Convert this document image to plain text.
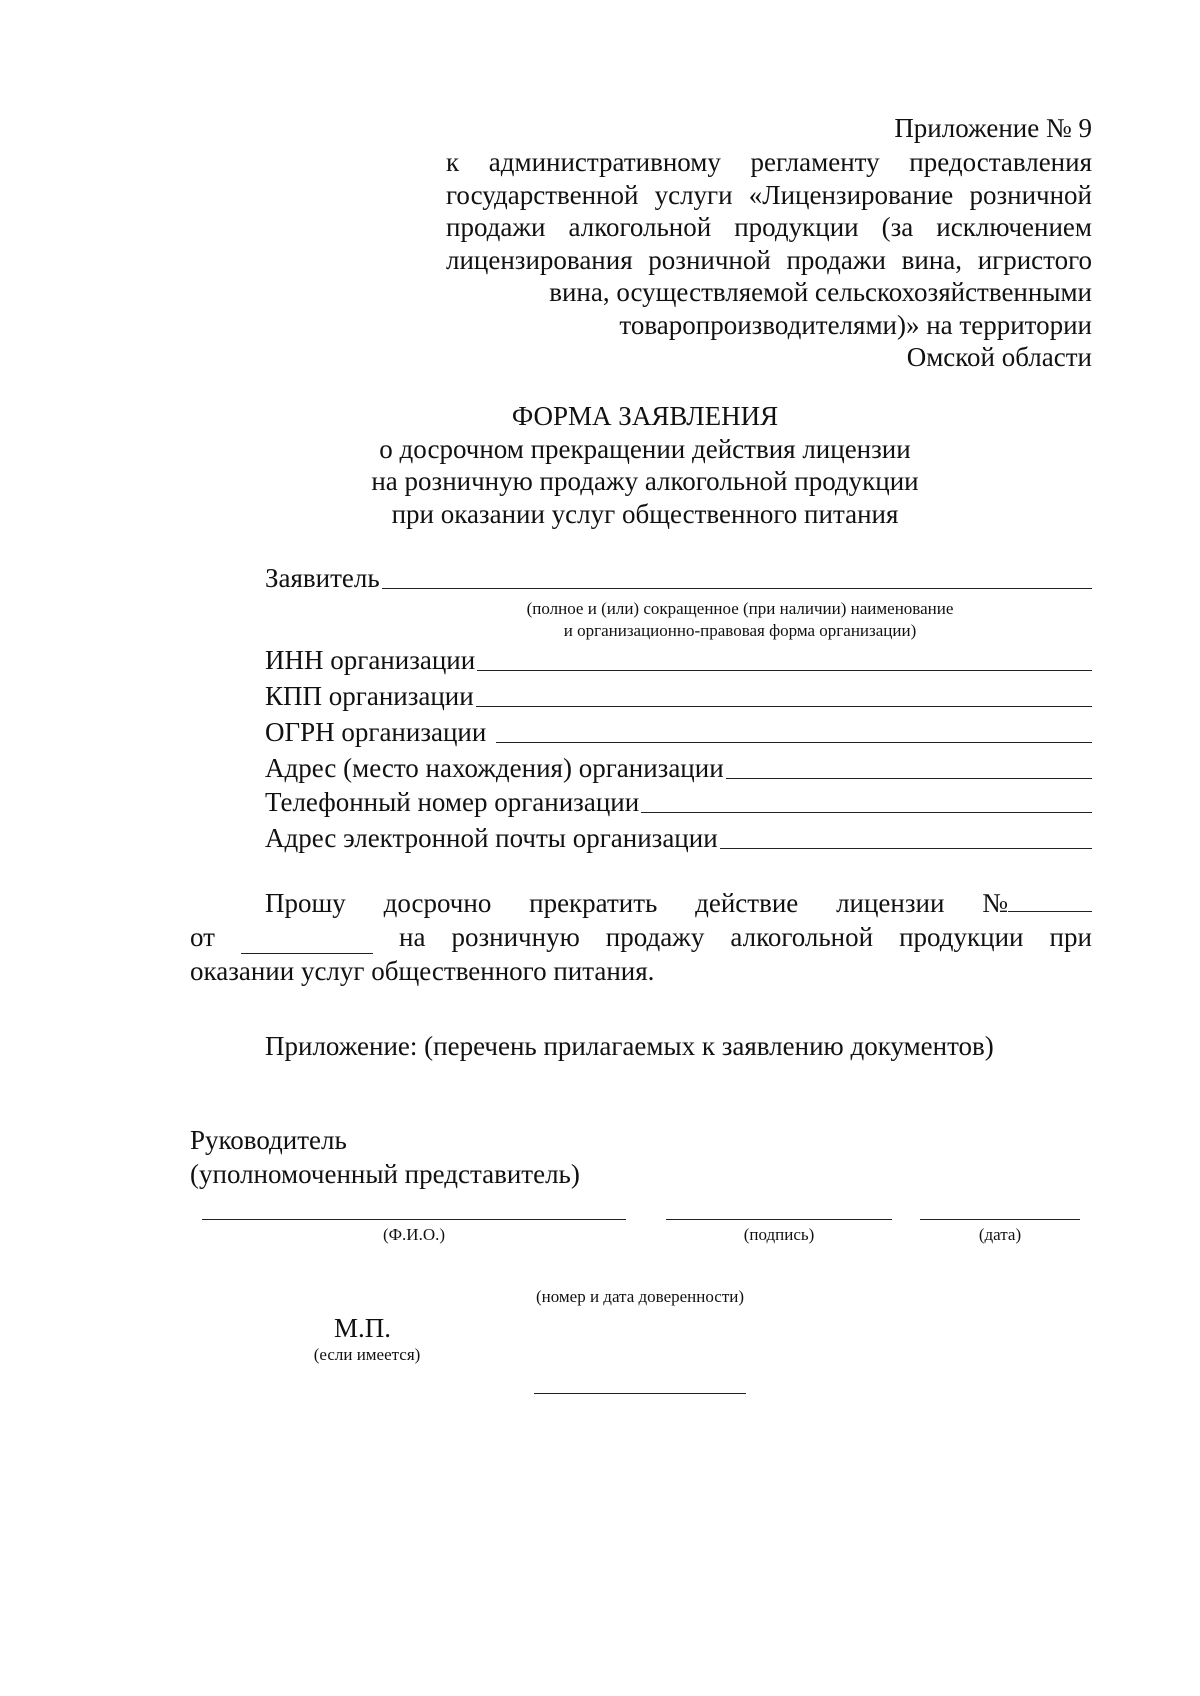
Приложение № 9
к административному регламенту предоставления
государственной услуги «Лицензирование розничной
продажи алкогольной продукции (за исключением
лицензирования розничной продажи вина, игристого
вина, осуществляемой сельскохозяйственными
товаропроизводителями)» на территории
Омской области
ФОРМА ЗАЯВЛЕНИЯ
о досрочном прекращении действия лицензии
на розничную продажу алкогольной продукции
при оказании услуг общественного питания
Заявитель
(полное и (или) сокращенное (при наличии) наименование
и организационно-правовая форма организации)
ИНН организации
КПП организации
ОГРН организации
Адрес (место нахождения) организации
Телефонный номер организации
Адрес электронной почты организации
Прошу досрочно прекратить действие лицензии №
от	на розничную продажу алкогольной продукции при
оказании услуг общественного питания.
Приложение: (перечень прилагаемых к заявлению документов)
Руководитель
(уполномоченный представитель)
(Ф.И.О.)	(подпись)	(дата)
(номер и дата доверенности)
М.П.
(если имеется)
